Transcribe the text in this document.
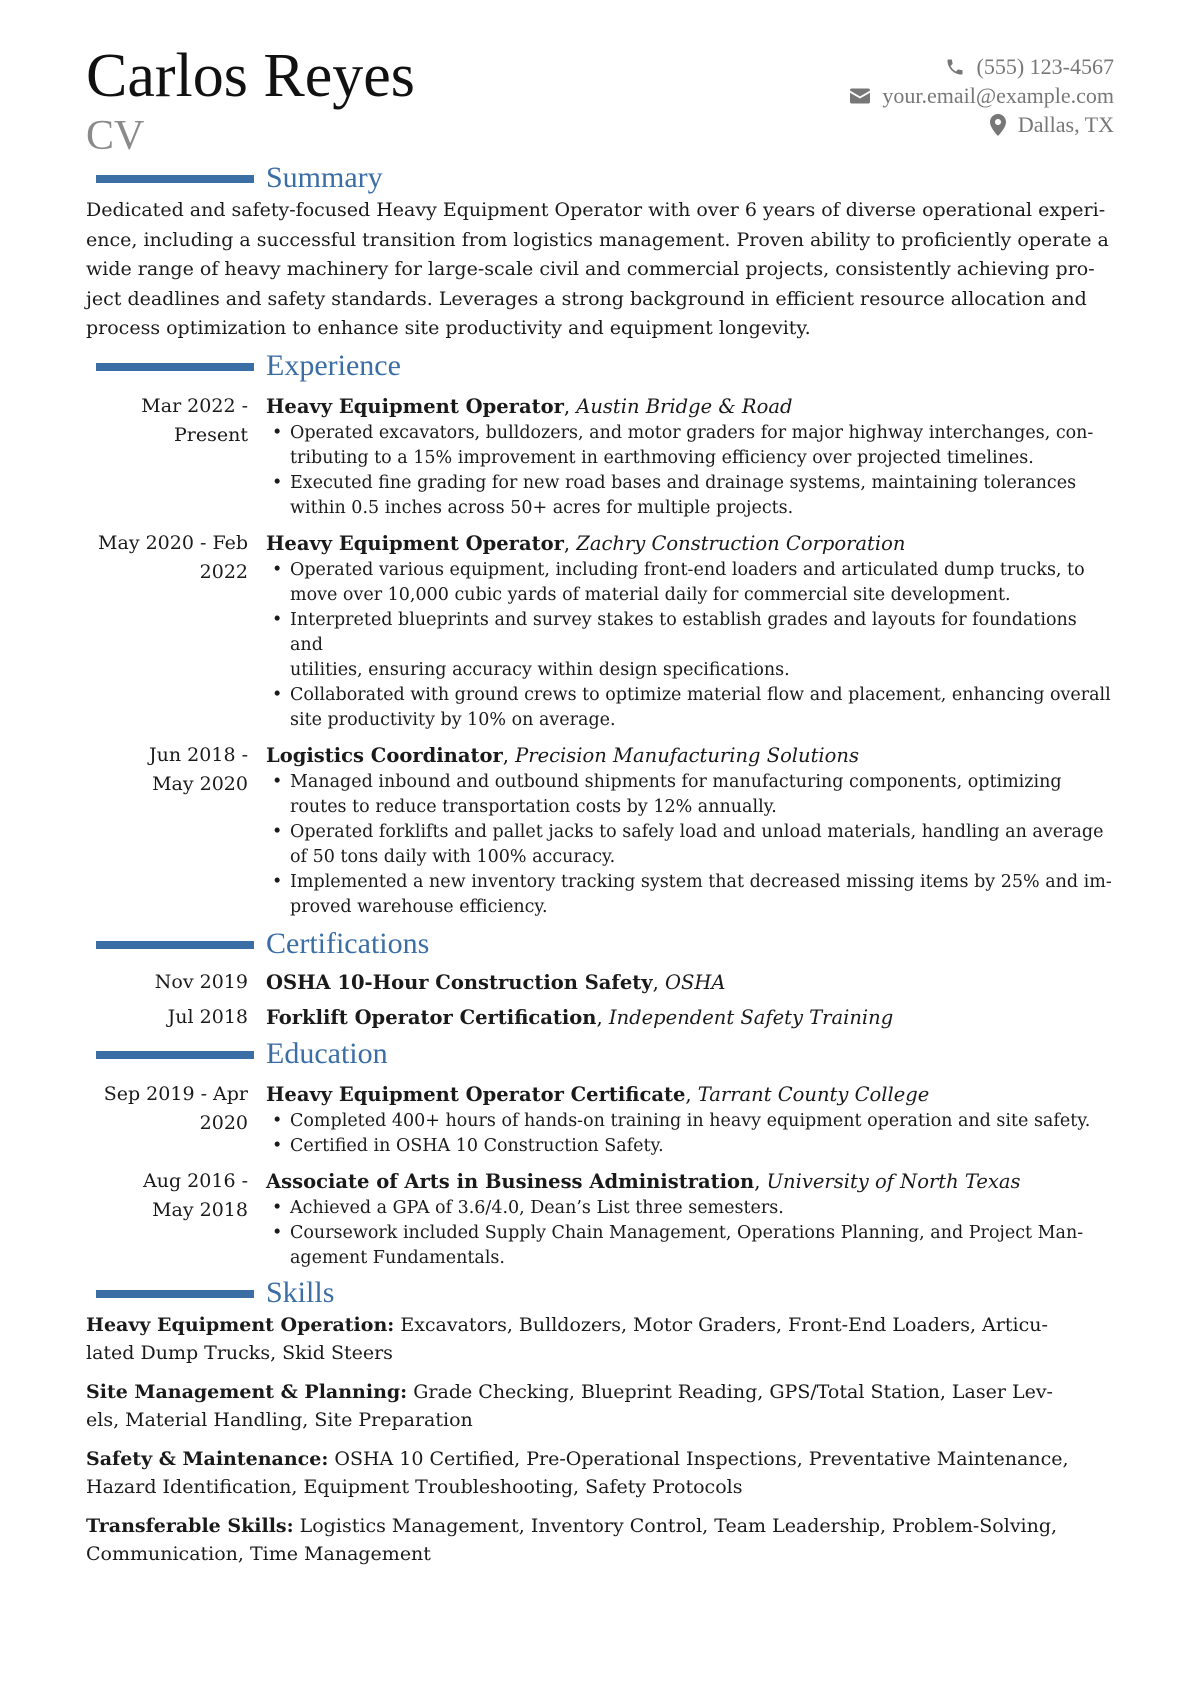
Carlos Reyes
CV
(555) 123-4567
your.email@example.com
Dallas, TX
Summary
Dedicated and safety-focused Heavy Equipment Operator with over 6 years of diverse operational experi-
ence, including a successful transition from logistics management. Proven ability to proficiently operate a
wide range of heavy machinery for large-scale civil and commercial projects, consistently achieving pro-
ject deadlines and safety standards. Leverages a strong background in efficient resource allocation and
process optimization to enhance site productivity and equipment longevity.
Experience
Mar 2022 -
Present
Heavy Equipment Operator, Austin Bridge & Road
• Operated excavators, bulldozers, and motor graders for major highway interchanges, con-
tributing to a 15% improvement in earthmoving efficiency over projected timelines.
• Executed fine grading for new road bases and drainage systems, maintaining tolerances
within 0.5 inches across 50+ acres for multiple projects.
May 2020 - Feb
2022
Heavy Equipment Operator, Zachry Construction Corporation
• Operated various equipment, including front-end loaders and articulated dump trucks, to
move over 10,000 cubic yards of material daily for commercial site development.
• Interpreted blueprints and survey stakes to establish grades and layouts for foundations and
utilities, ensuring accuracy within design specifications.
• Collaborated with ground crews to optimize material flow and placement, enhancing overall
site productivity by 10% on average.
Jun 2018 -
May 2020
Logistics Coordinator, Precision Manufacturing Solutions
• Managed inbound and outbound shipments for manufacturing components, optimizing
routes to reduce transportation costs by 12% annually.
• Operated forklifts and pallet jacks to safely load and unload materials, handling an average
of 50 tons daily with 100% accuracy.
• Implemented a new inventory tracking system that decreased missing items by 25% and im-
proved warehouse efficiency.
Certifications
Nov 2019 OSHA 10-Hour Construction Safety, OSHA
Jul 2018 Forklift Operator Certification, Independent Safety Training
Education
Sep 2019 - Apr
2020
Heavy Equipment Operator Certificate, Tarrant County College
• Completed 400+ hours of hands-on training in heavy equipment operation and site safety.
• Certified in OSHA 10 Construction Safety.
Aug 2016 -
May 2018
Associate of Arts in Business Administration, University of North Texas
• Achieved a GPA of 3.6/4.0, Dean’s List three semesters.
• Coursework included Supply Chain Management, Operations Planning, and Project Man-
agement Fundamentals.
Skills
Heavy Equipment Operation: Excavators, Bulldozers, Motor Graders, Front-End Loaders, Articu-
lated Dump Trucks, Skid Steers
Site Management & Planning: Grade Checking, Blueprint Reading, GPS/Total Station, Laser Lev-
els, Material Handling, Site Preparation
Safety & Maintenance: OSHA 10 Certified, Pre-Operational Inspections, Preventative Maintenance,
Hazard Identification, Equipment Troubleshooting, Safety Protocols
Transferable Skills: Logistics Management, Inventory Control, Team Leadership, Problem-Solving,
Communication, Time Management
